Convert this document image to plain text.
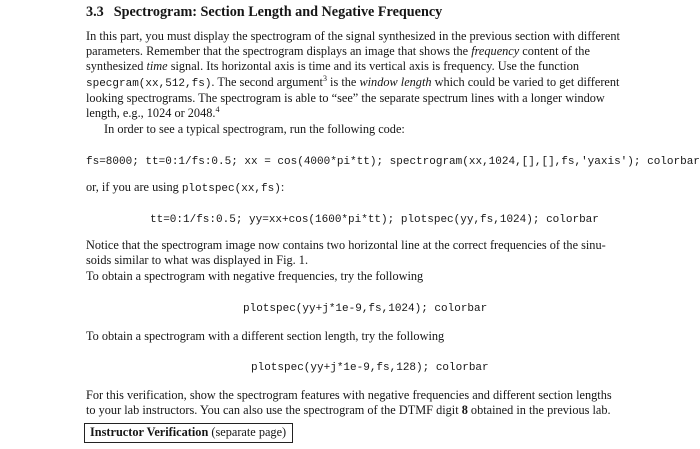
3.3 Spectrogram: Section Length and Negative Frequency
In this part, you must display the spectrogram of the signal synthesized in the previous section with different
parameters. Remember that the spectrogram displays an image that shows the frequency content of the
synthesized time signal. Its horizontal axis is time and its vertical axis is frequency. Use the function
specgram(xx,512,fs). The second argument$^3$ is the window length which could be varied to get different
looking spectrograms. The spectrogram is able to “see” the separate spectrum lines with a longer window
length, e.g., 1024 or 2048.$^4$
In order to see a typical spectrogram, run the following code:
fs=8000; tt=0:1/fs:0.5; xx = cos(4000*pi*tt); spectrogram(xx,1024,[],[],fs,'yaxis'); colorbar
or, if you are using plotspec(xx,fs):
tt=0:1/fs:0.5; yy=xx+cos(1600*pi*tt); plotspec(yy,fs,1024); colorbar
Notice that the spectrogram image now contains two horizontal line at the correct frequencies of the sinu-
soids similar to what was displayed in Fig. 1.
To obtain a spectrogram with negative frequencies, try the following
plotspec(yy+j*1e-9,fs,1024); colorbar
To obtain a spectrogram with a different section length, try the following
plotspec(yy+j*1e-9,fs,128); colorbar
For this verification, show the spectrogram features with negative frequencies and different section lengths
to your lab instructors. You can also use the spectrogram of the DTMF digit 8 obtained in the previous lab.
Instructor Verification (separate page)
